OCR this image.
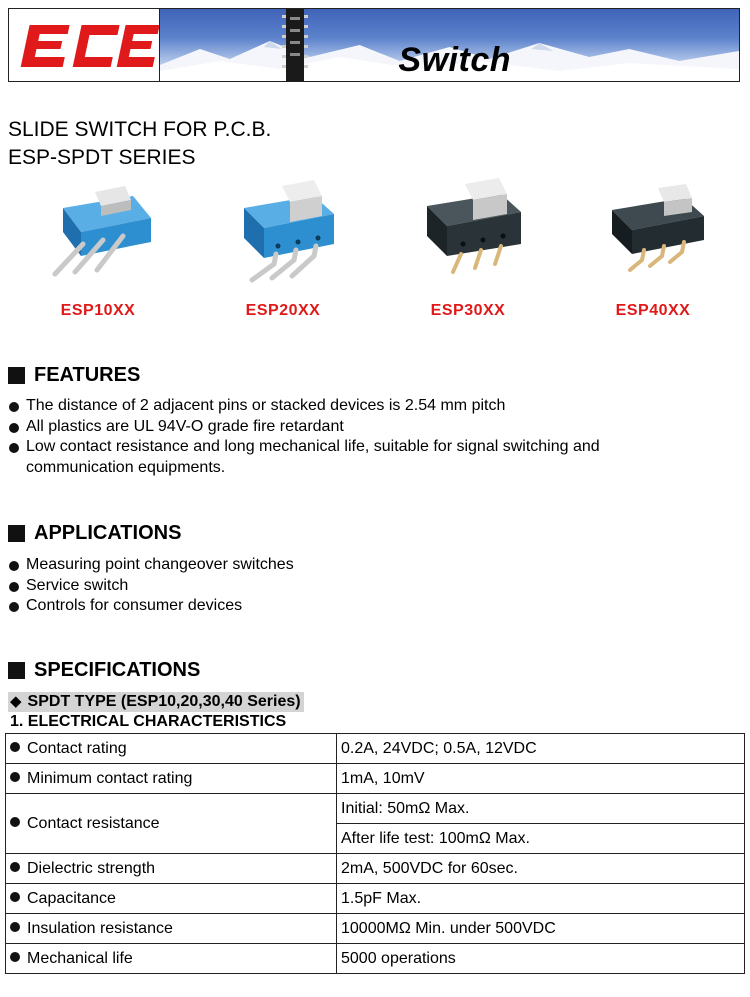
ECE
Switch
SLIDE SWITCH FOR P.C.B.
ESP-SPDT SERIES
ESP10XX	ESP20XX	ESP30XX	ESP40XX
FEATURES
The distance of 2 adjacent pins or stacked devices is 2.54 mm pitch
All plastics are UL 94V-O grade fire retardant
Low contact resistance and long mechanical life, suitable for signal switching and
communication equipments.
APPLICATIONS
Measuring point changeover switches
Service switch
Controls for consumer devices
SPECIFICATIONS
◆ SPDT TYPE (ESP10,20,30,40 Series)
1. ELECTRICAL CHARACTERISTICS
Contact rating	0.2A, 24VDC; 0.5A, 12VDC
Minimum contact rating	1mA, 10mV
Contact resistance	Initial: 50mΩ Max.
	After life test: 100mΩ Max.
Dielectric strength	2mA, 500VDC for 60sec.
Capacitance	1.5pF Max.
Insulation resistance	10000MΩ Min. under 500VDC
Mechanical life	5000 operations
